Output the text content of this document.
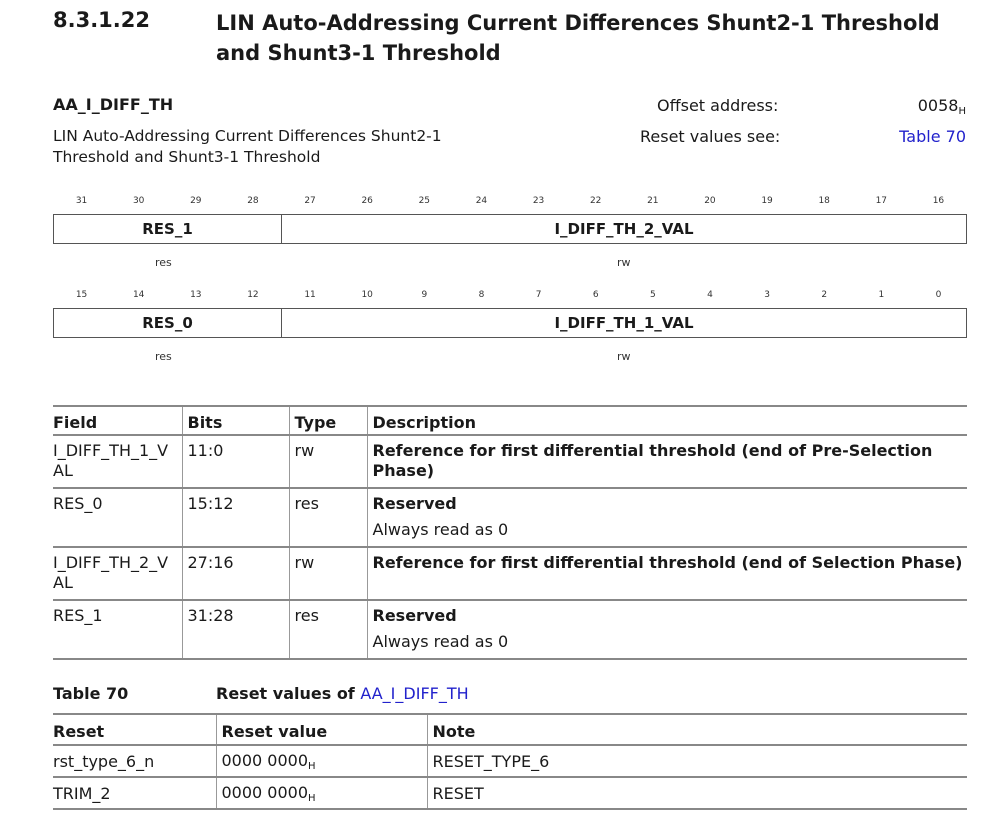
8.3.1.22	LIN Auto-Addressing Current Differences Shunt2-1 Threshold and Shunt3-1 Threshold
AA_I_DIFF_TH
LIN Auto-Addressing Current Differences Shunt2-1 Threshold and Shunt3-1 Threshold
Offset address:	$0058_H$
Reset values see:	Table 70
31	30	29	28	27	26	25	24	23	22	21	20	19	18	17	16
RES_1	I_DIFF_TH_2_VAL
res	rw
15	14	13	12	11	10	9	8	7	6	5	4	3	2	1	0
RES_0	I_DIFF_TH_1_VAL
res	rw
Field	Bits	Type	Description
I_DIFF_TH_1_VAL	11:0	rw	Reference for first differential threshold (end of Pre-Selection Phase)

RES_0	15:12	res	Reserved
Always read as 0

I_DIFF_TH_2_VAL	27:16	rw	Reference for first differential threshold (end of Selection Phase)

RES_1	31:28	res	Reserved
Always read as 0
Table 70	Reset values of AA_I_DIFF_TH
Reset	Reset value	Note
rst_type_6_n	0000 $0000_H$	RESET_TYPE_6
TRIM_2	0000 $0000_H$	RESET
